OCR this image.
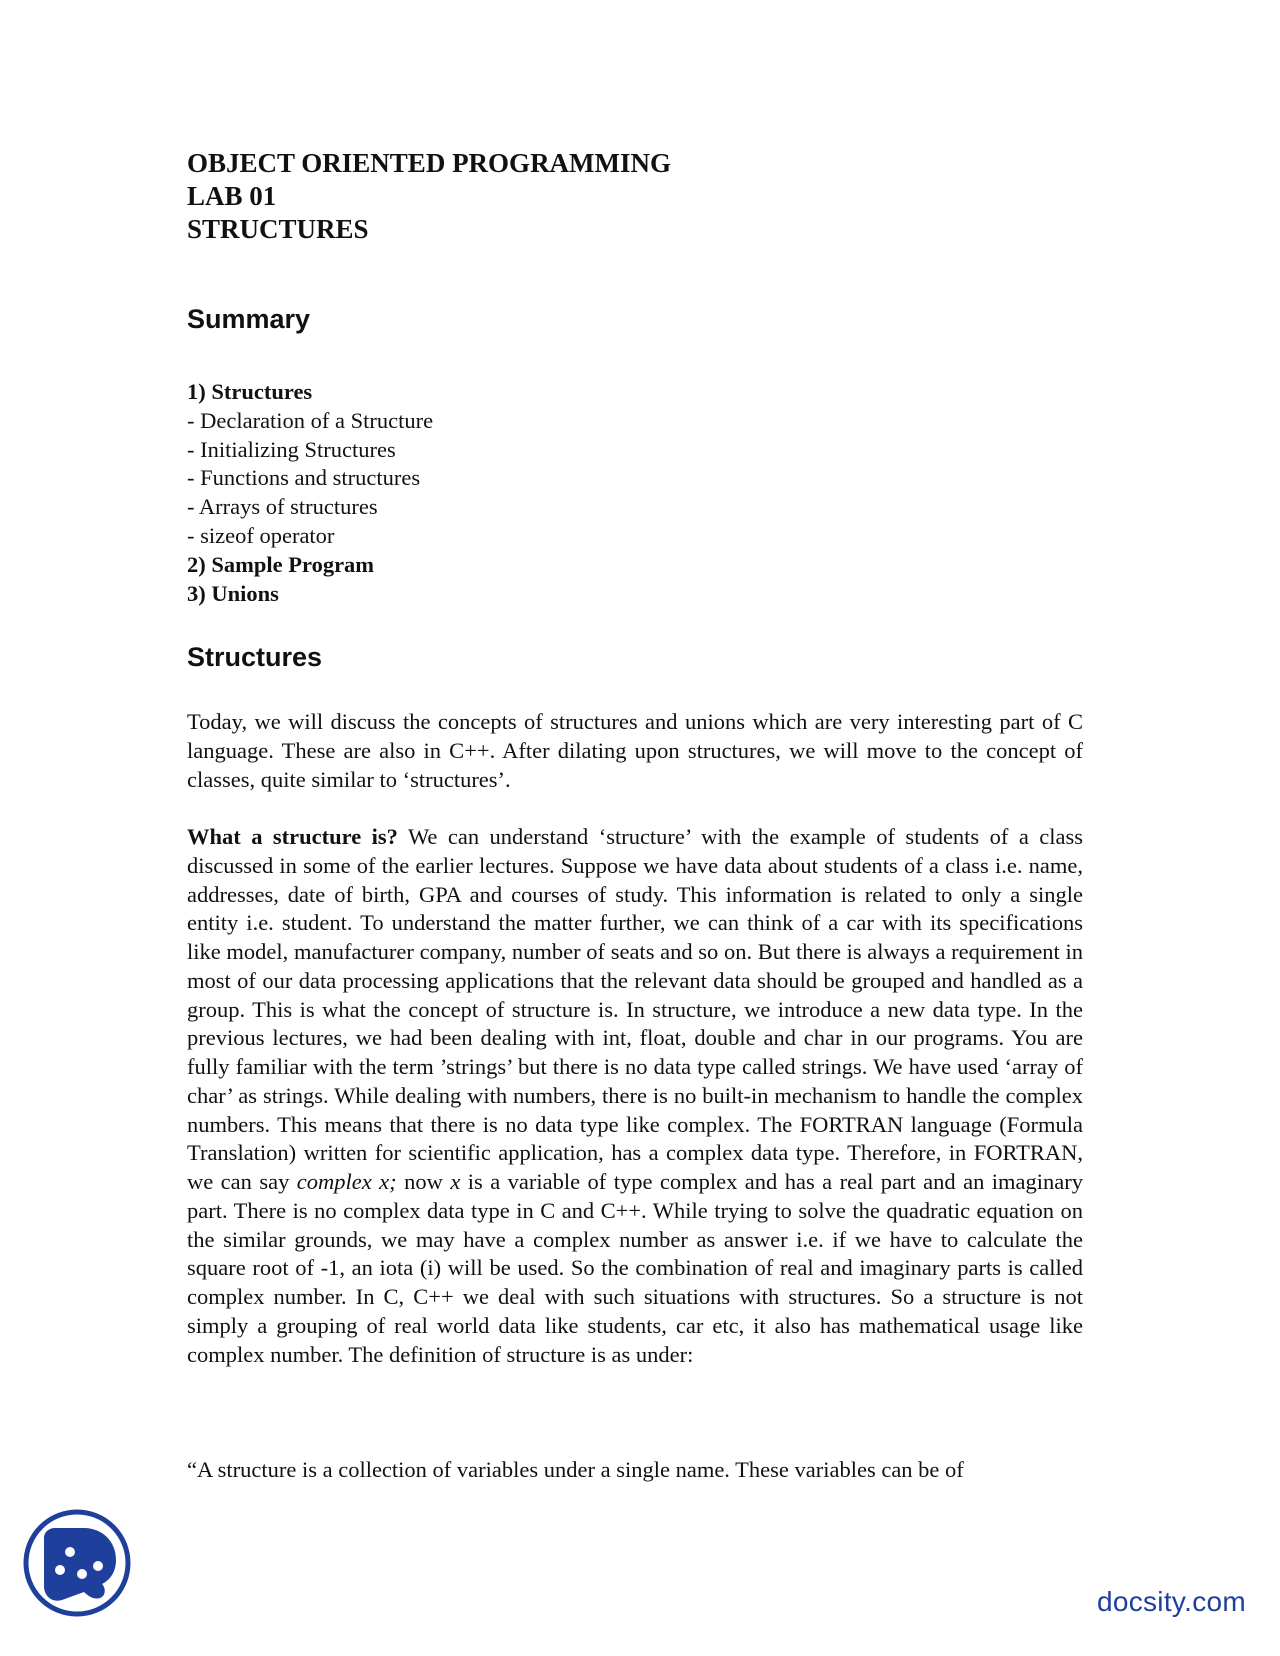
OBJECT ORIENTED PROGRAMMING
LAB 01
STRUCTURES
Summary
1) Structures
- Declaration of a Structure
- Initializing Structures
- Functions and structures
- Arrays of structures
- sizeof operator
2) Sample Program
3) Unions
Structures

Today, we will discuss the concepts of structures and unions which are very interesting part of C language. These are also in C++. After dilating upon structures, we will move to the concept of classes, quite similar to ‘structures’.

What a structure is? We can understand ‘structure’ with the example of students of a class discussed in some of the earlier lectures. Suppose we have data about students of a class i.e. name, addresses, date of birth, GPA and courses of study. This information is related to only a single entity i.e. student. To understand the matter further, we can think of a car with its specifications like model, manufacturer company, number of seats and so on. But there is always a requirement in most of our data processing applications that the relevant data should be grouped and handled as a group. This is what the concept of structure is. In structure, we introduce a new data type. In the previous lectures, we had been dealing with int, float, double and char in our programs. You are fully familiar with the term ’strings’ but there is no data type called strings. We have used ‘array of char’ as strings. While dealing with numbers, there is no built-in mechanism to handle the complex numbers. This means that there is no data type like complex. The FORTRAN language (Formula Translation) written for scientific application, has a complex data type. Therefore, in FORTRAN, we can say complex x; now x is a variable of type complex and has a real part and an imaginary part. There is no complex data type in C and C++. While trying to solve the quadratic equation on the similar grounds, we may have a complex number as answer i.e. if we have to calculate the square root of -1, an iota (i) will be used. So the combination of real and imaginary parts is called complex number. In C, C++ we deal with such situations with structures. So a structure is not simply a grouping of real world data like students, car etc, it also has mathematical usage like complex number. The definition of structure is as under:

“A structure is a collection of variables under a single name. These variables can be of

docsity.com
